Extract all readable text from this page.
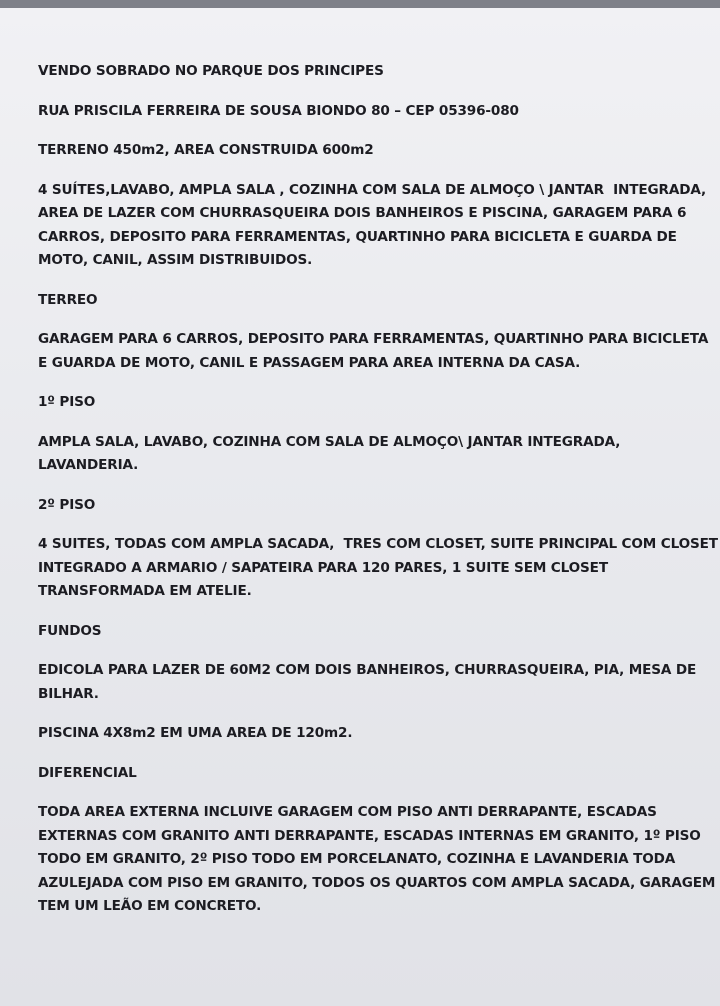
VENDO SOBRADO NO PARQUE DOS PRINCIPES

RUA PRISCILA FERREIRA DE SOUSA BIONDO 80 – CEP 05396-080

TERRENO 450m2, AREA CONSTRUIDA 600m2

4 SUÍTES,LAVABO, AMPLA SALA , COZINHA COM SALA DE ALMOÇO \ JANTAR  INTEGRADA,
AREA DE LAZER COM CHURRASQUEIRA DOIS BANHEIROS E PISCINA, GARAGEM PARA 6
CARROS, DEPOSITO PARA FERRAMENTAS, QUARTINHO PARA BICICLETA E GUARDA DE
MOTO, CANIL, ASSIM DISTRIBUIDOS.

TERREO

GARAGEM PARA 6 CARROS, DEPOSITO PARA FERRAMENTAS, QUARTINHO PARA BICICLETA
E GUARDA DE MOTO, CANIL E PASSAGEM PARA AREA INTERNA DA CASA.

1º PISO

AMPLA SALA, LAVABO, COZINHA COM SALA DE ALMOÇO\ JANTAR INTEGRADA,
LAVANDERIA.

2º PISO

4 SUITES, TODAS COM AMPLA SACADA,  TRES COM CLOSET, SUITE PRINCIPAL COM CLOSET
INTEGRADO A ARMARIO / SAPATEIRA PARA 120 PARES, 1 SUITE SEM CLOSET
TRANSFORMADA EM ATELIE.

FUNDOS

EDICOLA PARA LAZER DE 60M2 COM DOIS BANHEIROS, CHURRASQUEIRA, PIA, MESA DE
BILHAR.

PISCINA 4X8m2 EM UMA AREA DE 120m2.

DIFERENCIAL

TODA AREA EXTERNA INCLUIVE GARAGEM COM PISO ANTI DERRAPANTE, ESCADAS
EXTERNAS COM GRANITO ANTI DERRAPANTE, ESCADAS INTERNAS EM GRANITO, 1º PISO
TODO EM GRANITO, 2º PISO TODO EM PORCELANATO, COZINHA E LAVANDERIA TODA
AZULEJADA COM PISO EM GRANITO, TODOS OS QUARTOS COM AMPLA SACADA, GARAGEM
TEM UM LEÃO EM CONCRETO.
